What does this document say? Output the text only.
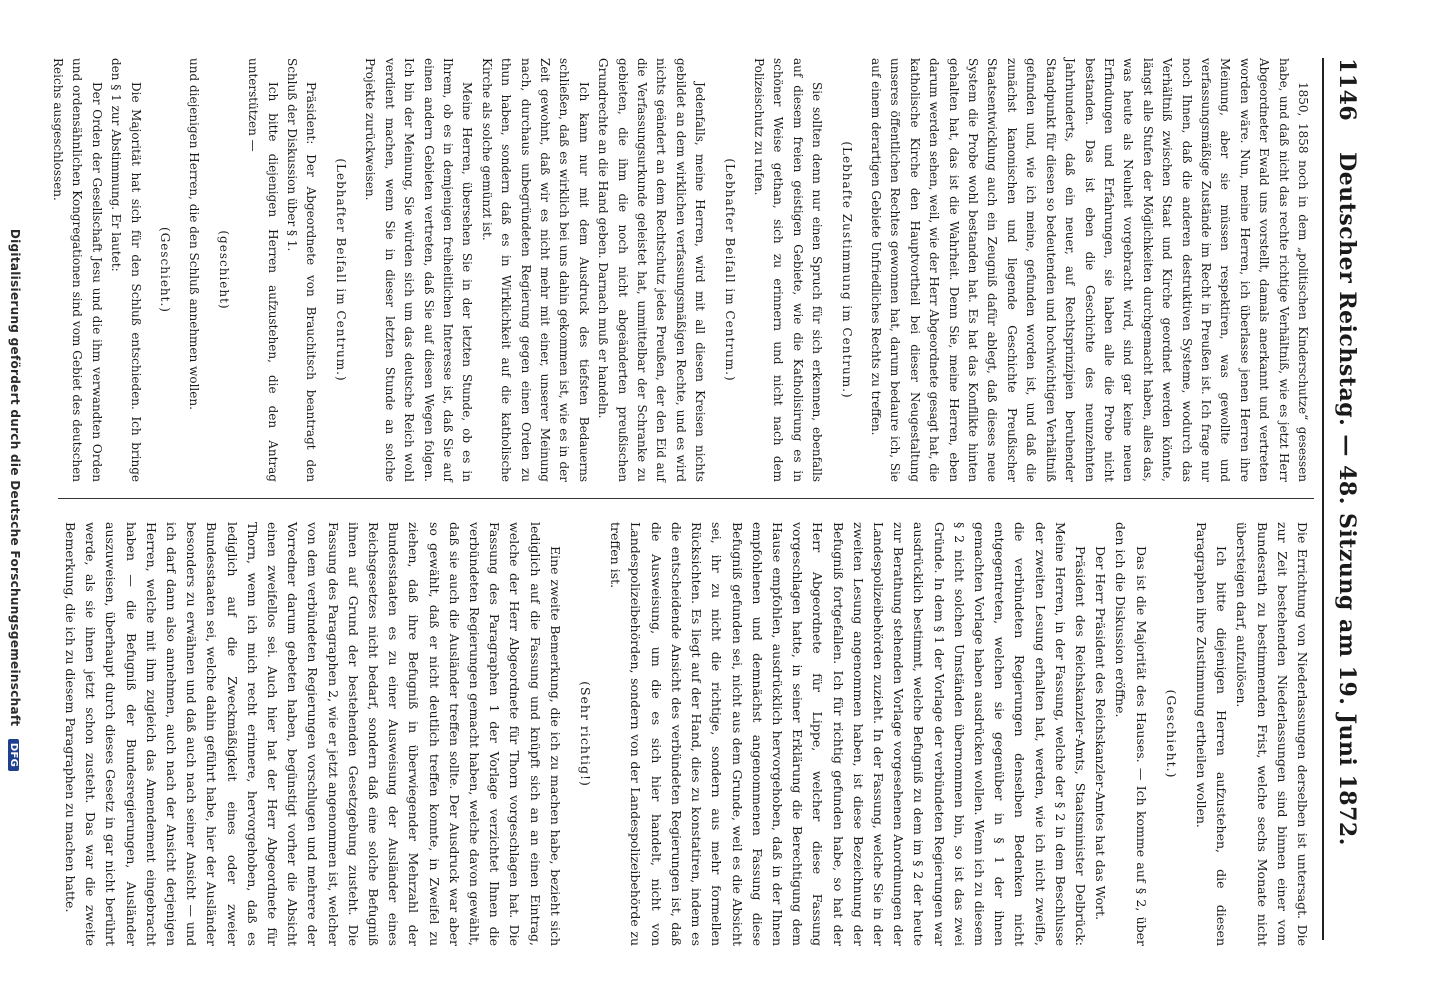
1146
Deutscher Reichstag. — 48. Sitzung am 19. Juni 1872.

1850, 1858 noch in dem „politischen Kinderschutze“ gesessen habe, und daß nicht das rechte richtige Verhältniß, wie es jetzt Herr Abgeordneter Ewald uns vorstellt, damals anerkannt und vertreten worden wäre. Nun, meine Herren, ich überlasse jenen Herren ihre Meinung, aber sie müssen respektiren, was gewollte und verfassungsmäßige Zustände im Recht in Preußen ist. Ich frage nur noch Ihnen, daß die anderen destruktiven Systeme, wodurch das Verhältniß zwischen Staat und Kirche geordnet werden könnte, längst alle Stufen der Möglichkeiten durchgemacht haben, alles das, was heute als Neuheit vorgebracht wird, sind gar keine neuen Erfindungen und Erfahrungen, sie haben alle die Probe nicht bestanden. Das ist eben die Geschichte des neunzehnten Jahrhunderts, daß ein neuer, auf Rechtsprinzipien beruhender Standpunkt für diesen so bedeutenden und hochwichtigen Verhältniß gefunden und, wie ich meine, gefunden worden ist, und daß die zunächst kanonischen und liegende Geschichte Preußischer Staatsentwicklung auch ein Zeugniß dafür ablegt, daß dieses neue System die Probe wohl bestanden hat. Es hat das Konflikte hinten gehalten hat, das ist die Wahrheit. Denn Sie, meine Herren, eben darum werden sehen, weil, wie der Herr Abgeordnete gesagt hat, die katholische Kirche den Hauptvortheil bei dieser Neugestaltung unseres öffentlichen Rechtes gewonnen hat, darum bedaure ich, Sie auf einem derartigen Gebiete Unfriedliches Rechts zu treffen.

(Lebhafte Zustimmung im Centrum.)

Sie sollten denn nur einen Spruch für sich erkennen, ebenfalls auf diesem freien geistigen Gebiete, wie die Katholisirung es in schöner Weise gethan, sich zu erinnern und nicht nach dem Polizeischutz zu rufen.

(Lebhafter Beifall im Centrum.)

Jedenfalls, meine Herren, wird mit all diesen Kreisen nichts gebildet an dem wirklichen verfassungsmäßigen Rechte, und es wird nichts geändert an dem Rechtschutz jedes Preußen, der den Eid auf die Verfassungsurkunde geleistet hat, unmittelbar der Schranke zu gebieten, die ihm die noch nicht abgeänderten preußischen Grundrechte an die Hand geben. Darnach muß er handeln.

Ich kann nur mit dem Ausdruck des tiefsten Bedauerns schließen, daß es wirklich bei uns dahin gekommen ist, wie es in der Zeit gewohnt, daß wir es nicht mehr mit einer, unserer Meinung nach, durchaus unbegründeten Regierung gegen einen Orden zu thun haben, sondern daß es in Wirklichkeit auf die katholische Kirche als solche gemünzt ist.

Meine Herren, übersehen Sie in der letzten Stunde, ob es in Ihrem, ob es in demjenigen freiheitlichen Interesse ist, daß Sie auf einen andern Gebieten vertreten, daß Sie auf diesen Wegen folgen. Ich bin der Meinung, Sie würden sich um das deutsche Reich wohl verdient machen, wenn Sie in dieser letzten Stunde an solche Projekte zurückweisen.

(Lebhafter Beifall im Centrum.)

Präsident: Der Abgeordnete von Brauchitsch beantragt den Schluß der Diskussion über § 1.

Ich bitte diejenigen Herren aufzustehen, die den Antrag unterstützen —

(geschieht)

und diejenigen Herren, die den Schluß annehmen wollen.

(Geschieht.)

Die Majorität hat sich für den Schluß entschieden. Ich bringe den § 1 zur Abstimmung. Er lautet:

Der Orden der Gesellschaft Jesu und die ihm verwandten Orden und ordensähnlichen Kongregationen sind vom Gebiet des deutschen Reichs ausgeschlossen.

Die Errichtung von Niederlassungen derselben ist untersagt. Die zur Zeit bestehenden Niederlassungen sind binnen einer vom Bundesrath zu bestimmenden Frist, welche sechs Monate nicht übersteigen darf, aufzulösen.

Ich bitte diejenigen Herren aufzustehen, die diesen Paragraphen ihre Zustimmung ertheilen wollen.

(Geschieht.)

Das ist die Majorität des Hauses. — Ich komme auf § 2, über den ich die Diskussion eröffne.

Der Herr Präsident des Reichskanzler-Amtes hat das Wort.

Präsident des Reichskanzler-Amts, Staatsminister Delbrück: Meine Herren, in der Fassung, welche der § 2 in dem Beschlusse der zweiten Lesung erhalten hat, werden, wie ich nicht zweifle, die verbündeten Regierungen denselben Bedenken nicht entgegentreten, welchen sie gegenüber in § 1 der ihnen gemachten Vorlage haben ausdrücken wollen. Wenn ich zu diesem § 2 nicht solchen Umständen übernommen bin, so ist das zwei Gründe. In dem § 1 der Vorlage der verbündeten Regierungen war ausdrücklich bestimmt, welche Befugniß zu dem im § 2 der heute zur Berathung stehenden Vorlage vorgesehenen Anordnungen der Landespolizeibehörden zuzieht. In der Fassung, welche Sie in der zweiten Lesung angenommen haben, ist diese Bezeichnung der Befugniß fortgefallen. Ich für richtig gefunden habe, so hat der Herr Abgeordnete für Lippe, welcher diese Fassung vorgeschlagen hatte, in seiner Erklärung die Berechtigung dem Hause empfohlen, ausdrücklich hervorgehoben, daß in der Ihnen empfohlenen und demnächst angenommenen Fassung diese Befugniß gefunden sei, nicht aus dem Grunde, weil es die Absicht sei, ihr zu nicht die richtige, sondern aus mehr formellen Rücksichten. Es liegt auf der Hand, dies zu konstatiren, indem es die entscheidende Ansicht des verbündeten Regierungen ist, daß die Ausweisung, um die es sich hier handelt, nicht von Landespolizeibehörden, sondern von der Landespolizeibehörde zu treffen ist.

(Sehr richtig!)

Eine zweite Bemerkung, die ich zu machen habe, bezieht sich lediglich auf die Fassung und knüpft sich an an einen Eintrag, welche der Herr Abgeordnete für Thorn vorgeschlagen hat. Die Fassung des Paragraphen 1 der Vorlage verzichtet Ihnen die verbündeten Regierungen gemacht haben, welche davon gewählt, daß sie auch die Ausländer treffen sollte. Der Ausdruck war aber so gewählt, daß er nicht deutlich treffen konnte, in Zweifel zu ziehen, daß ihre Befugniß in überwiegender Mehrzahl der Bundesstaaten es zu einer Ausweisung der Ausländer eines Reichsgesetzes nicht bedarf, sondern daß eine solche Befugniß ihnen auf Grund der bestehenden Gesetzgebung zusteht. Die Fassung des Paragraphen 2, wie er jetzt angenommen ist, welcher von dem verbündeten Regierungen vorschlugen und mehrere der Vorredner darum gebeten haben, begünstigt vorher die Absicht einen zweifellos sei. Auch hier hat der Herr Abgeordnete für Thorn, wenn ich mich recht erinnere, hervorgehoben, daß es lediglich auf die Zweckmäßigkeit eines oder zweier Bundesstaaten sei, welche dahin geführt habe, hier der Ausländer besonders zu erwähnen und daß auch nach seiner Ansicht — und ich darf dann also annehmen, auch nach der Ansicht derjenigen Herren, welche mit ihm zugleich das Amendement eingebracht haben — die Befugniß der Bundesregierungen, Ausländer auszuweisen, überhaupt durch dieses Gesetz in gar nicht berührt werde, als sie ihnen jetzt schon zusteht. Das war die zweite Bemerkung, die ich zu diesem Paragraphen zu machen hatte.

Digitalisierung gefördert durch die Deutsche Forschungsgemeinschaft DFG
